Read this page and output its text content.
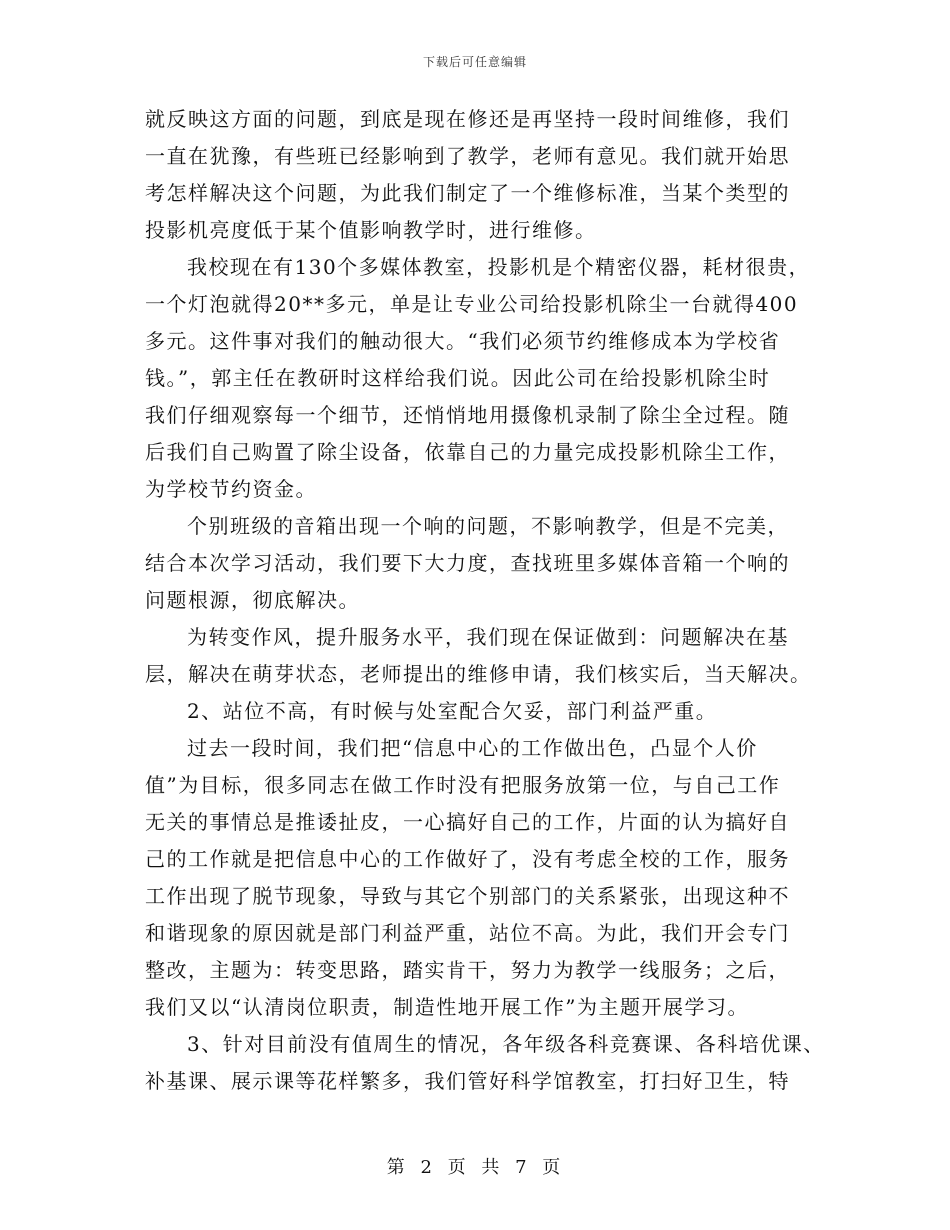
下载后可任意编辑
就反映这方面的问题，到底是现在修还是再坚持一段时间维修，我们
一直在犹豫，有些班已经影响到了教学，老师有意见。我们就开始思
考怎样解决这个问题，为此我们制定了一个维修标准，当某个类型的
投影机亮度低于某个值影响教学时，进行维修。
我校现在有130个多媒体教室，投影机是个精密仪器，耗材很贵，
一个灯泡就得20**多元，单是让专业公司给投影机除尘一台就得400
多元。这件事对我们的触动很大。“我们必须节约维修成本为学校省
钱。”，郭主任在教研时这样给我们说。因此公司在给投影机除尘时
我们仔细观察每一个细节，还悄悄地用摄像机录制了除尘全过程。随
后我们自己购置了除尘设备，依靠自己的力量完成投影机除尘工作，
为学校节约资金。
个别班级的音箱出现一个响的问题，不影响教学，但是不完美，
结合本次学习活动，我们要下大力度，查找班里多媒体音箱一个响的
问题根源，彻底解决。
为转变作风，提升服务水平，我们现在保证做到：问题解决在基
层，解决在萌芽状态，老师提出的维修申请，我们核实后，当天解决。
2、站位不高，有时候与处室配合欠妥，部门利益严重。
过去一段时间，我们把“信息中心的工作做出色，凸显个人价
值”为目标，很多同志在做工作时没有把服务放第一位，与自己工作
无关的事情总是推诿扯皮，一心搞好自己的工作，片面的认为搞好自
己的工作就是把信息中心的工作做好了，没有考虑全校的工作，服务
工作出现了脱节现象，导致与其它个别部门的关系紧张，出现这种不
和谐现象的原因就是部门利益严重，站位不高。为此，我们开会专门
整改，主题为：转变思路，踏实肯干，努力为教学一线服务；之后，
我们又以“认清岗位职责，制造性地开展工作”为主题开展学习。
3、针对目前没有值周生的情况，各年级各科竞赛课、各科培优课、
补基课、展示课等花样繁多，我们管好科学馆教室，打扫好卫生，特
第 2 页 共 7 页
